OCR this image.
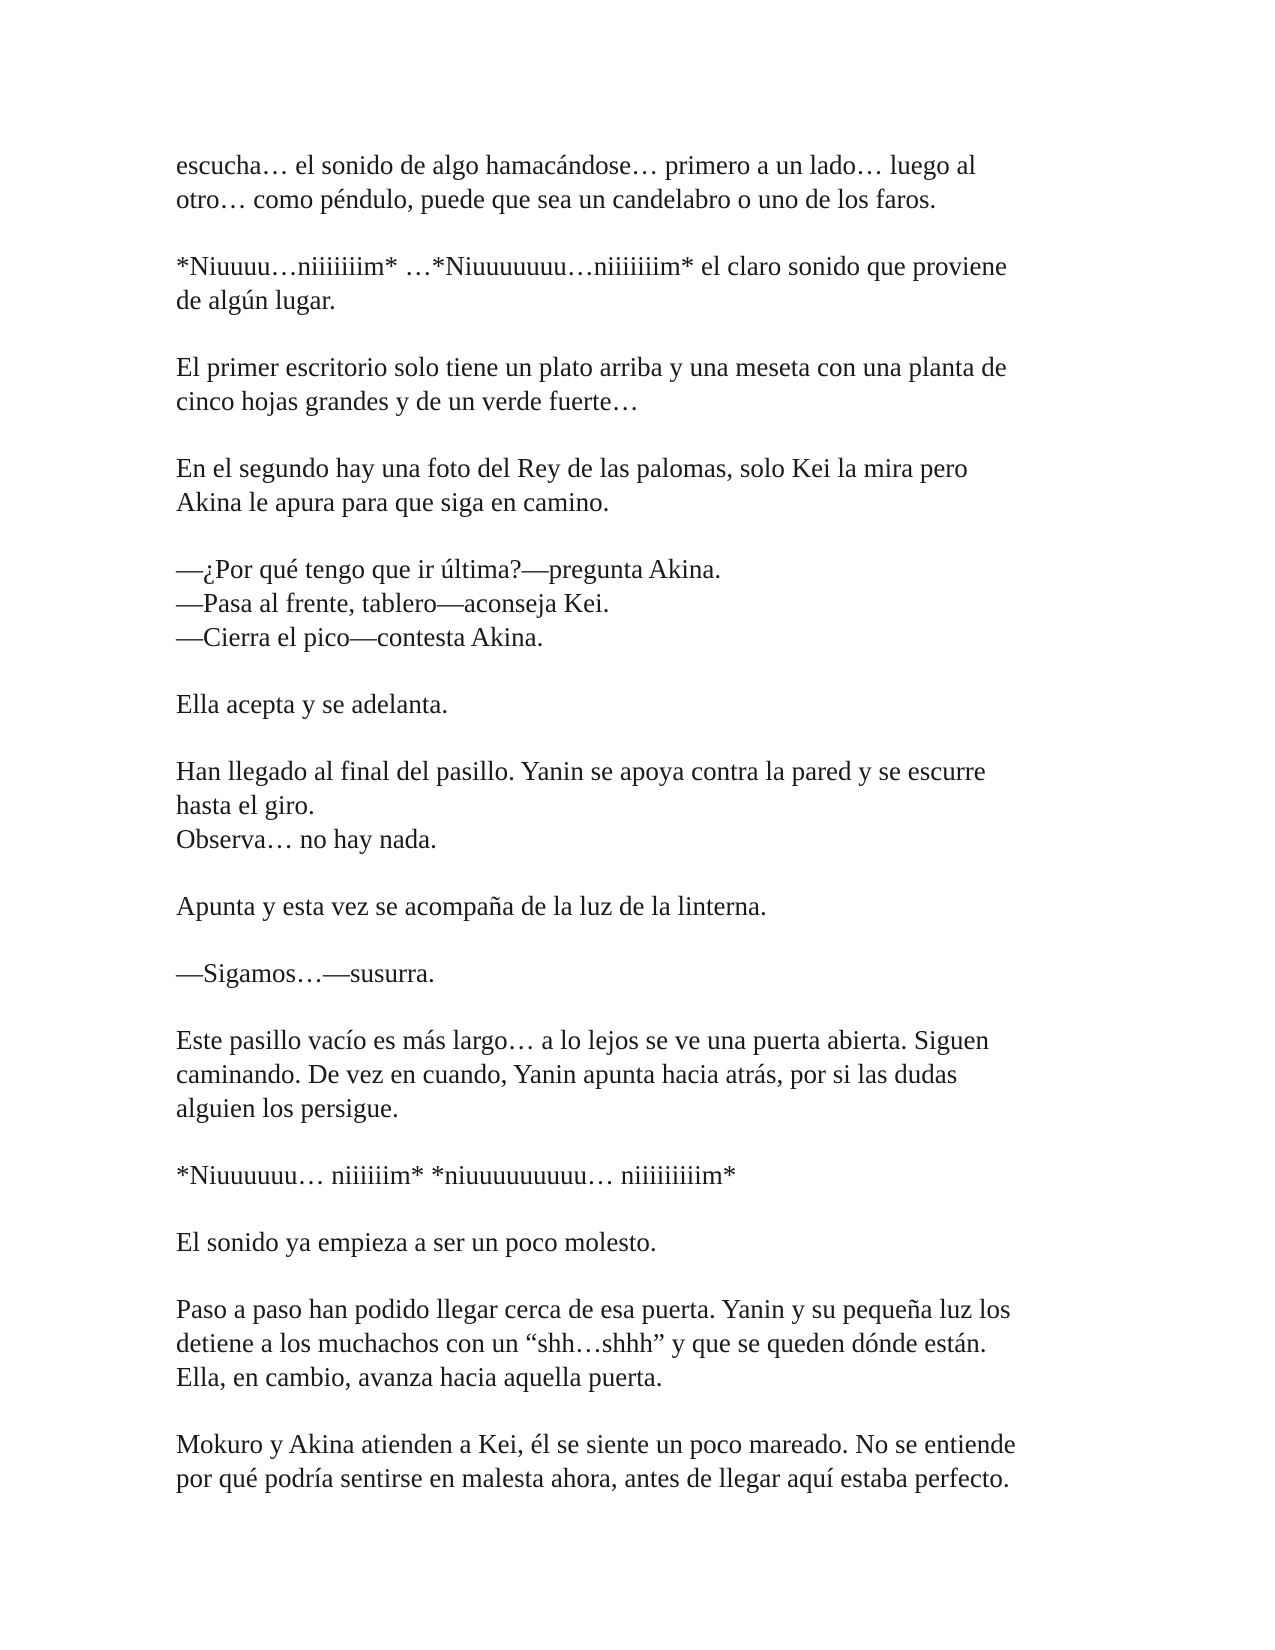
escucha… el sonido de algo hamacándose… primero a un lado… luego al
otro… como péndulo, puede que sea un candelabro o uno de los faros.

*Niuuuu…niiiiiiim* …*Niuuuuuuu…niiiiiiim* el claro sonido que proviene
de algún lugar.

El primer escritorio solo tiene un plato arriba y una meseta con una planta de
cinco hojas grandes y de un verde fuerte…

En el segundo hay una foto del Rey de las palomas, solo Kei la mira pero
Akina le apura para que siga en camino.

—¿Por qué tengo que ir última?—pregunta Akina.
—Pasa al frente, tablero—aconseja Kei.
—Cierra el pico—contesta Akina.

Ella acepta y se adelanta.

Han llegado al final del pasillo. Yanin se apoya contra la pared y se escurre
hasta el giro.
Observa… no hay nada.

Apunta y esta vez se acompaña de la luz de la linterna.

—Sigamos…—susurra.

Este pasillo vacío es más largo… a lo lejos se ve una puerta abierta. Siguen
caminando. De vez en cuando, Yanin apunta hacia atrás, por si las dudas
alguien los persigue.

*Niuuuuuu… niiiiiim* *niuuuuuuuuu… niiiiiiiiim*

El sonido ya empieza a ser un poco molesto.

Paso a paso han podido llegar cerca de esa puerta. Yanin y su pequeña luz los
detiene a los muchachos con un “shh…shhh” y que se queden dónde están.
Ella, en cambio, avanza hacia aquella puerta.

Mokuro y Akina atienden a Kei, él se siente un poco mareado. No se entiende
por qué podría sentirse en malesta ahora, antes de llegar aquí estaba perfecto.
